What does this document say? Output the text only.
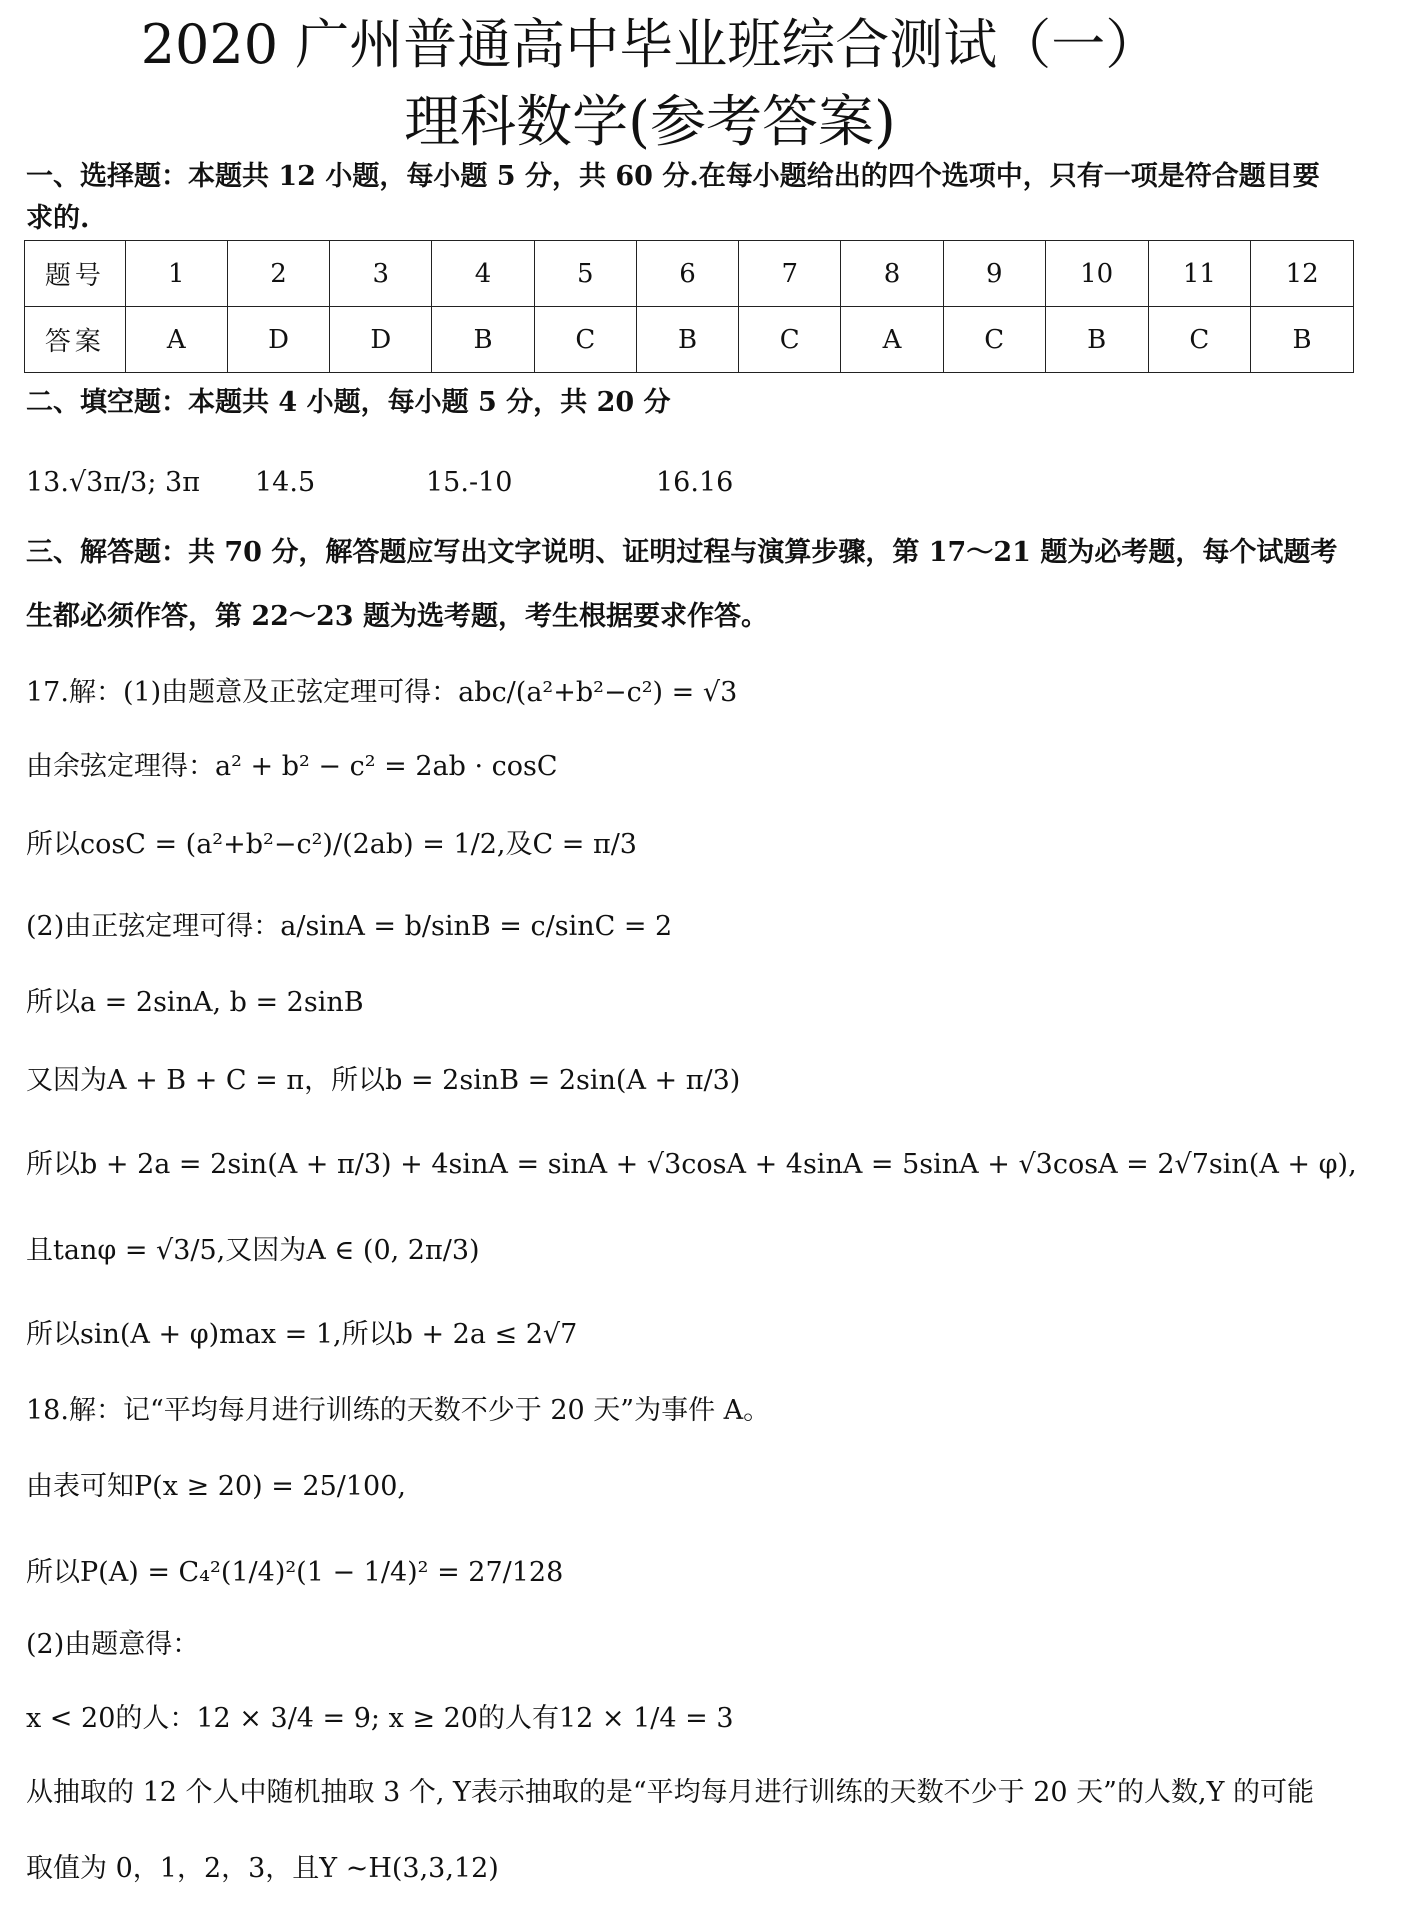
2020 广州普通高中毕业班综合测试（一）
理科数学(参考答案)
一、选择题：本题共 12 小题，每小题 5 分，共 60 分.在每小题给出的四个选项中，只有一项是符合题目要
求的.
题号	1	2	3	4	5	6	7	8	9	10	11	12
答案	A	D	D	B	C	B	C	A	C	B	C	B
二、填空题：本题共 4 小题，每小题 5 分，共 20 分
13.√3π/3; 3π 14.5	15.-10	16.16
三、解答题：共 70 分，解答题应写出文字说明、证明过程与演算步骤，第 17～21 题为必考题，每个试题考
生都必须作答，第 22～23 题为选考题，考生根据要求作答。
17.解：(1)由题意及正弦定理可得：abc/(a²+b²−c²) = √3
由余弦定理得：a² + b² − c² = 2ab · cosC
所以cosC = (a²+b²−c²)/(2ab) = 1/2,及C = π/3
(2)由正弦定理可得：a/sinA = b/sinB = c/sinC = 2
所以a = 2sinA, b = 2sinB
又因为A + B + C = π，所以b = 2sinB = 2sin(A + π/3)
所以b + 2a = 2sin(A + π/3) + 4sinA = sinA + √3cosA + 4sinA = 5sinA + √3cosA = 2√7sin(A + φ),
且tanφ = √3/5,又因为A ∈ (0, 2π/3)
所以sin(A + φ)max = 1,所以b + 2a ≤ 2√7
18.解：记“平均每月进行训练的天数不少于 20 天”为事件 A。
由表可知P(x ≥ 20) = 25/100,
所以P(A) = C₄²(1/4)²(1 − 1/4)² = 27/128
(2)由题意得：
x < 20的人：12 × 3/4 = 9; x ≥ 20的人有12 × 1/4 = 3
从抽取的 12 个人中随机抽取 3 个, Y表示抽取的是“平均每月进行训练的天数不少于 20 天”的人数,Y 的可能
取值为 0，1，2，3，且Y ~H(3,3,12)
